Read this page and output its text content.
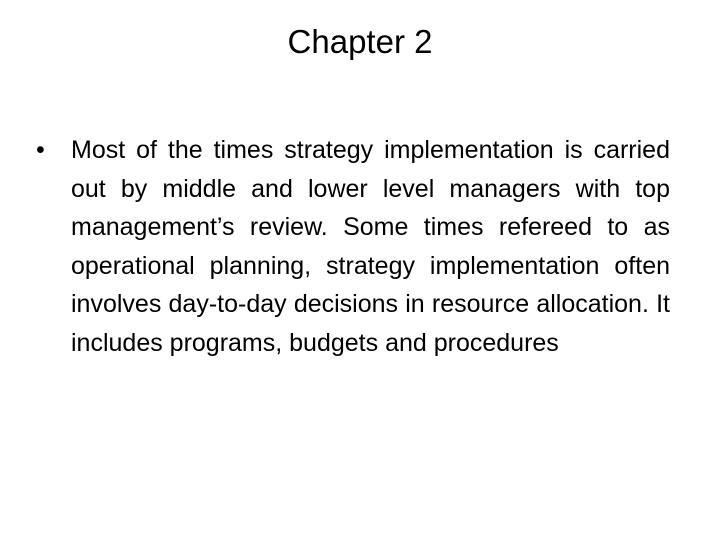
Chapter 2
•	Most of the times strategy implementation is carried out by middle and lower level managers with top management’s review. Some times refereed to as operational planning, strategy implementation often involves day-to-day decisions in resource allocation. It includes programs, budgets and procedures
